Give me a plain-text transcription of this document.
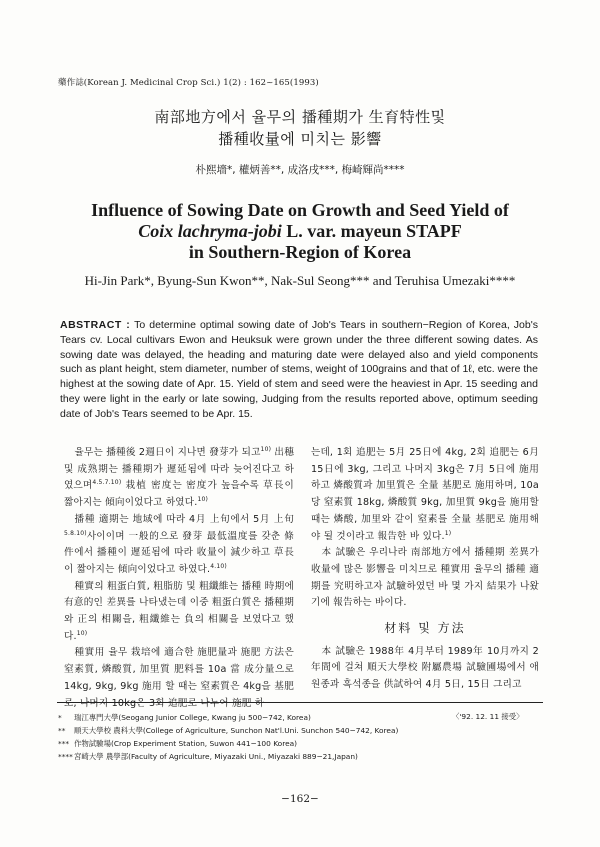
藥作誌(Korean J. Medicinal Crop Sci.) 1(2) : 162~165(1993)
南部地方에서 율무의 播種期가 生育特性및
播種收量에 미치는 影響
朴熙墻*, 權炳善**, 成洛戌***, 梅崎輝尚****
Influence of Sowing Date on Growth and Seed Yield of
Coix lachryma-jobi L. var. mayeun STAPF
in Southern-Region of Korea
Hi-Jin Park*, Byung-Sun Kwon**, Nak-Sul Seong*** and Teruhisa Umezaki****
ABSTRACT : To determine optimal sowing date of Job's Tears in southern−Region of Korea, Job's Tears cv. Local cultivars Ewon and Heuksuk were grown under the three different sowing dates. As sowing date was delayed, the heading and maturing date were delayed also and yield components such as plant height, stem diameter, number of stems, weight of 100grains and that of 1ℓ, etc. were the highest at the sowing date of Apr. 15. Yield of stem and seed were the heaviest in Apr. 15 seeding and they were light in the early or late sowing, Judging from the results reported above, optimum seeding date of Job's Tears seemed to be Apr. 15.

율무는 播種後 2週日이 지나면 發芽가 되고$^{10)}$ 出穗 및 成熟期는 播種期가 遲延됨에 따라 늦어진다고 하였으며$^{4.5.7.10)}$ 栽植 密度는 密度가 높을수록 草長이 짧아지는 傾向이었다고 하였다.$^{10)}$

播種 適期는 地域에 따라 4月 上旬에서 5月 上旬$^{5.8.10)}$사이이며 一般的으로 發芽 最低溫度를 갖춘 條件에서 播種이 遲延됨에 따라 收量이 減少하고 草長이 짧아지는 傾向이었다고 하였다.$^{4.10)}$

種實의 粗蛋白質, 粗脂肪 및 粗纖維는 播種 時期에 有意的인 差異를 나타냈는데 이중 粗蛋白質은 播種期와 正의 相關을, 粗纖維는 負의 相關을 보였다고 했다.$^{10)}$

種實用 율무 栽培에 適合한 施肥量과 施肥 方法은 窒素質, 燐酸質, 加里質 肥料를 10a 當 成分量으로 14kg, 9kg, 9kg 施用 할 때는 窒素質은 4kg을 基肥로, 나머지 10kg은 3회 追肥로 나누어 施肥 하

는데, 1회 追肥는 5月 25日에 4kg, 2회 追肥는 6月 15日에 3kg, 그리고 나머지 3kg은 7月 5日에 施用하고 燐酸質과 加里質은 全量 基肥로 施用하며, 10a 당 窒素質 18kg, 燐酸質 9kg, 加里質 9kg을 施用할 때는 燐酸, 加里와 같이 窒素를 全量 基肥로 施用해야 될 것이라고 報告한 바 있다.$^{1)}$

本 試驗은 우리나라 南部地方에서 播種期 差異가 收量에 많은 影響을 미치므로 種實用 율무의 播種 適期를 究明하고자 試驗하였던 바 몇 가지 結果가 나왔기에 報告하는 바이다.

材料 및 方法

本 試驗은 1988年 4月부터 1989年 10月까지 2年間에 걸쳐 順天大學校 附屬農場 試驗圃場에서 애원종과 흑석종을 供試하여 4月 5日, 15日 그리고

* 瑞江專門大學(Seogang Junior College, Kwang ju 500−742, Korea)
** 順天大學校 農科大學(College of Agriculture, Sunchon Nat'l.Uni. Sunchon 540−742, Korea)
*** 作物試驗場(Crop Experiment Station, Suwon 441−100 Korea)
****宮崎大學 農學部(Faculty of Agriculture, Miyazaki Uni., Miyazaki 889−21,Japan)
〈'92. 12. 11 接受〉
−162−
